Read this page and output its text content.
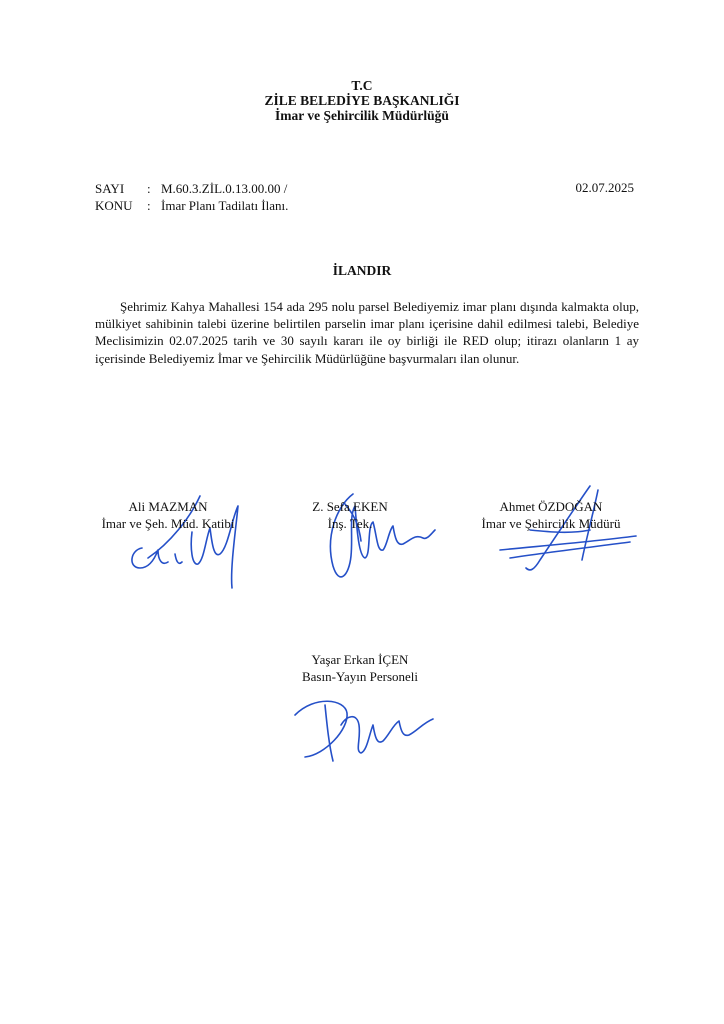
T.C
ZİLE BELEDİYE BAŞKANLIĞI
İmar ve Şehircilik Müdürlüğü
SAYI	: M.60.3.ZİL.0.13.00.00 /
KONU	: İmar Planı Tadilatı İlanı.
02.07.2025
İLANDIR
Şehrimiz Kahya Mahallesi 154 ada 295 nolu parsel Belediyemiz imar planı dışında kalmakta olup, mülkiyet sahibinin talebi üzerine belirtilen parselin imar planı içerisine dahil edilmesi talebi, Belediye Meclisimizin 02.07.2025 tarih ve 30 sayılı kararı ile oy birliği ile RED olup; itirazı olanların 1 ay içerisinde Belediyemiz İmar ve Şehircilik Müdürlüğüne başvurmaları ilan olunur.
Ali MAZMAN
İmar ve Şeh. Müd. Katibi
Z. Sefa EKEN
İnş. Tek.
Ahmet ÖZDOĞAN
İmar ve Şehircilik Müdürü
Yaşar Erkan İÇEN
Basın-Yayın Personeli
